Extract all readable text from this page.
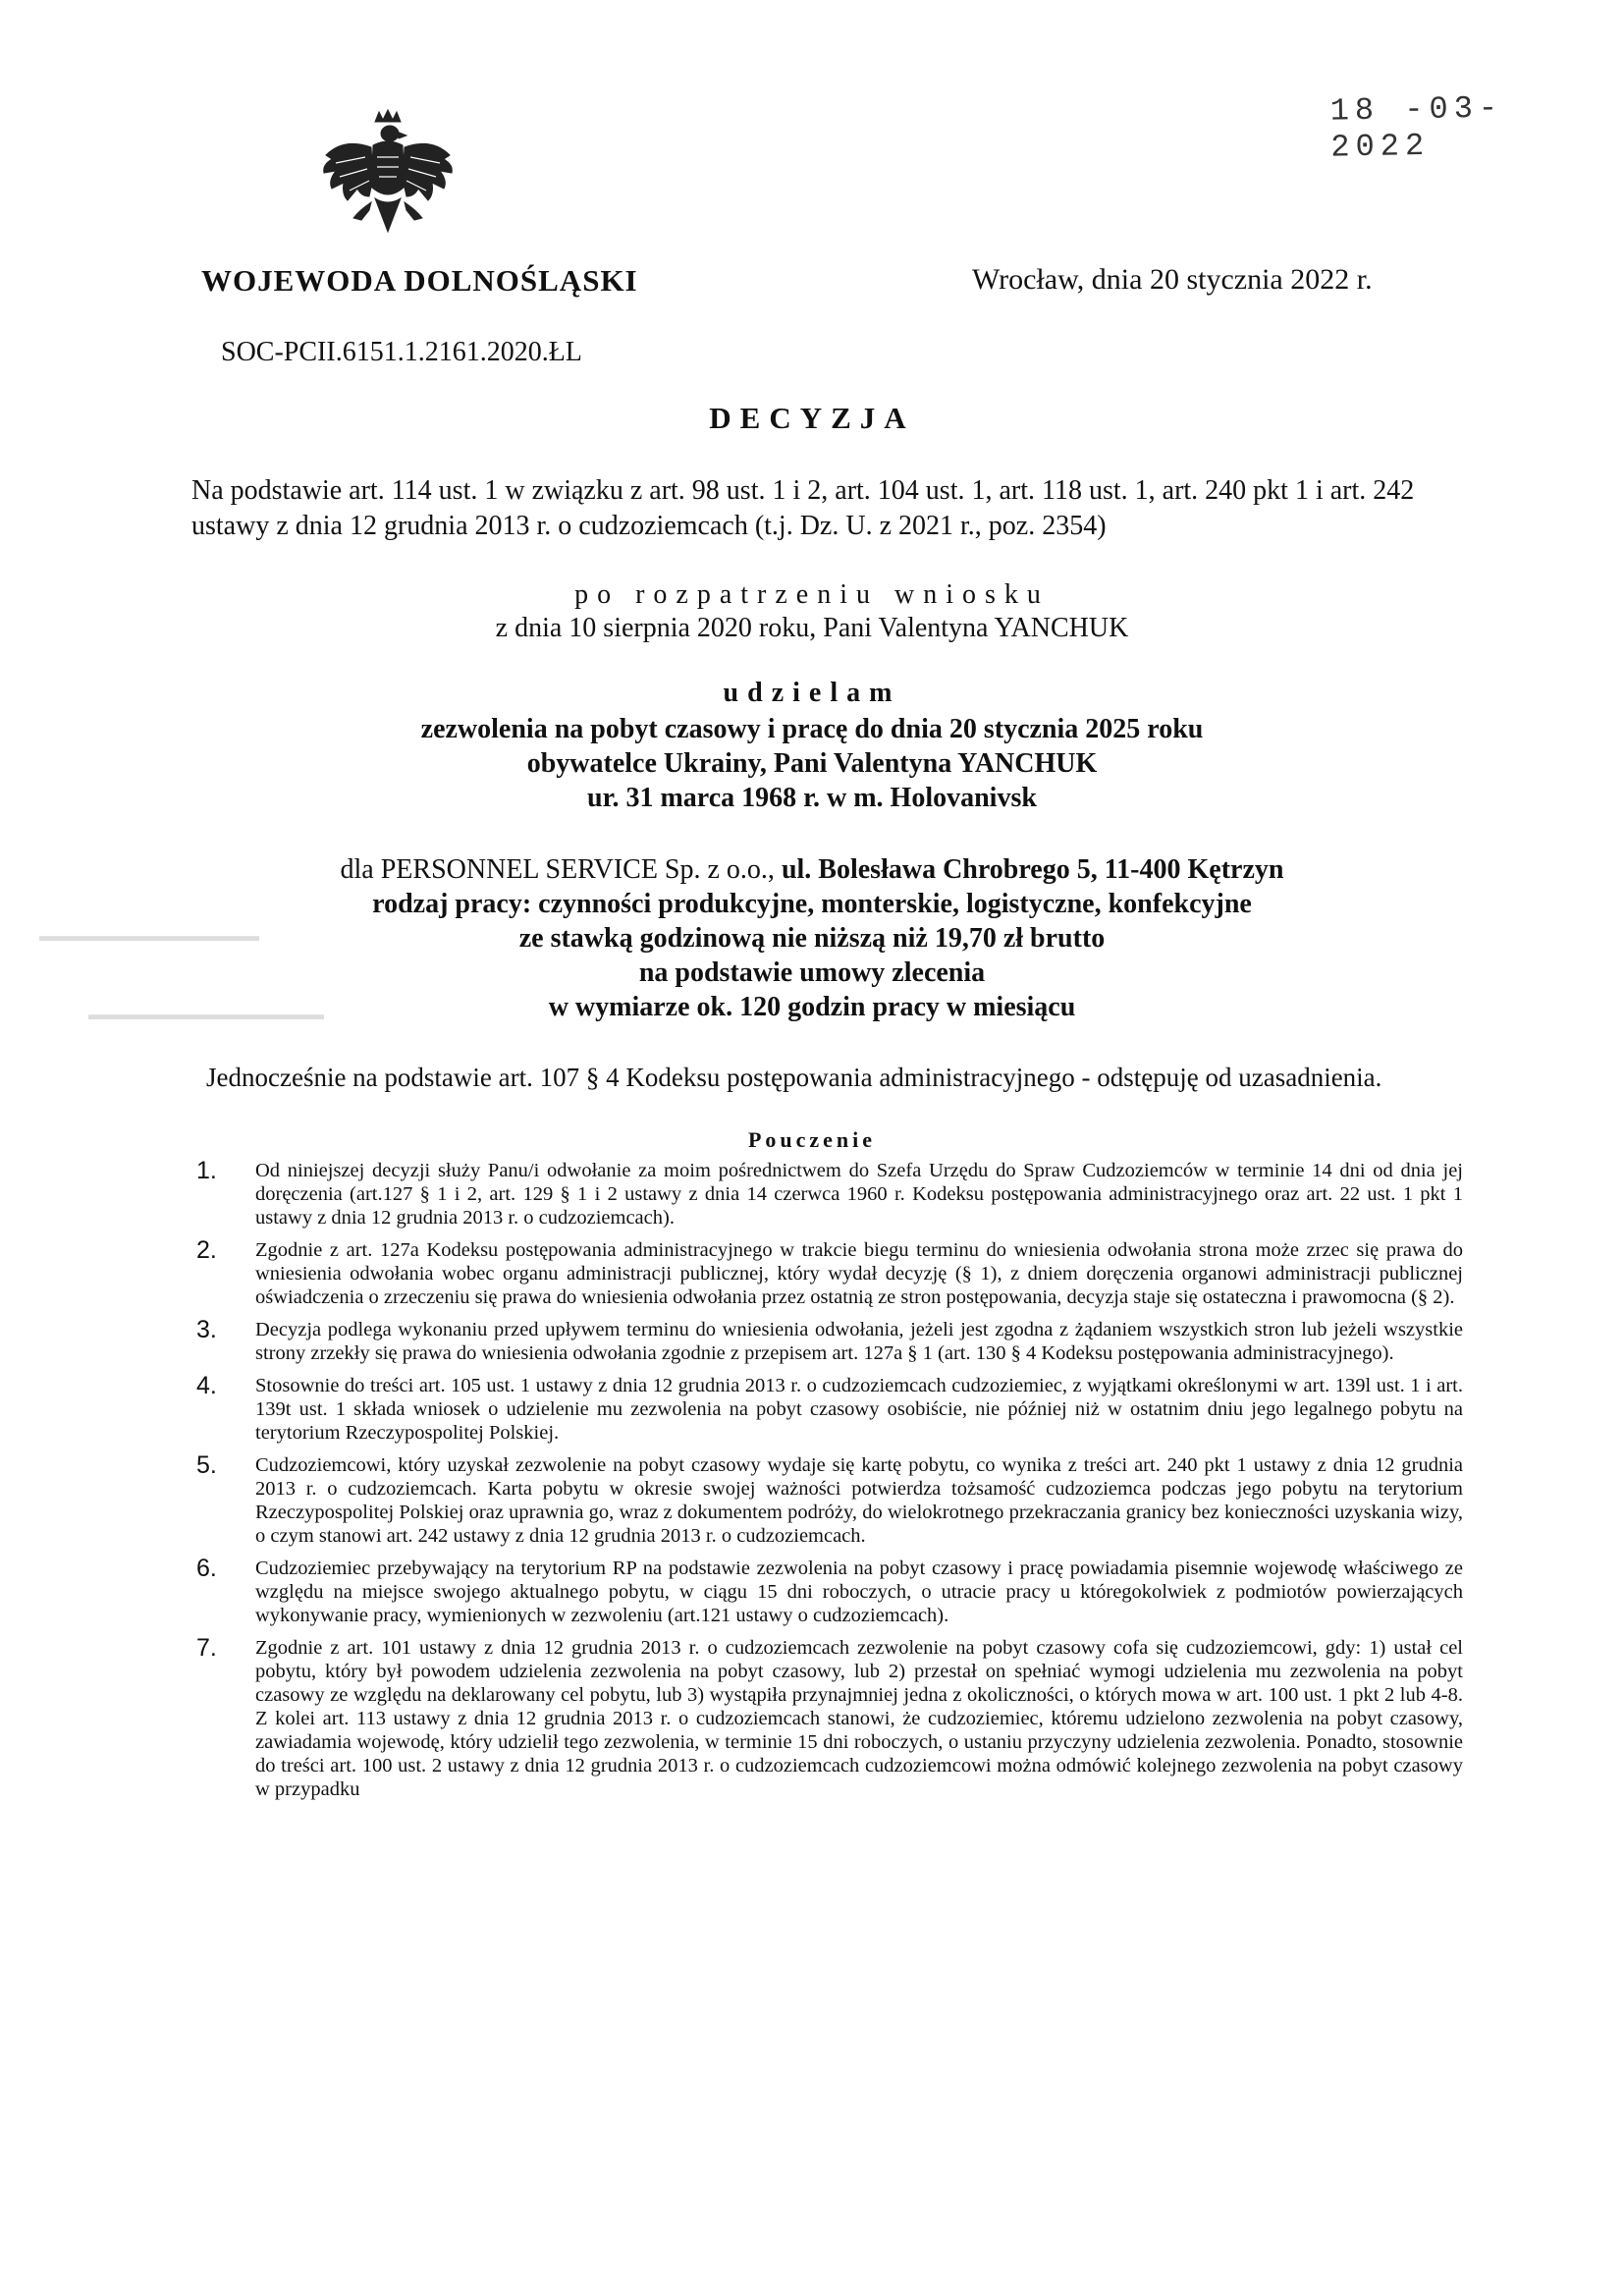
18 -03- 2022
WOJEWODA DOLNOŚLĄSKI	Wrocław, dnia 20 stycznia 2022 r.
SOC-PCII.6151.1.2161.2020.ŁL
DECYZJA
Na podstawie art. 114 ust. 1 w związku z art. 98 ust. 1 i 2, art. 104 ust. 1, art. 118 ust. 1, art. 240 pkt 1 i art. 242 ustawy z dnia 12 grudnia 2013 r. o cudzoziemcach (t.j. Dz. U. z 2021 r., poz. 2354)
po rozpatrzeniu wniosku
z dnia 10 sierpnia 2020 roku, Pani Valentyna YANCHUK
udzielam
zezwolenia na pobyt czasowy i pracę do dnia 20 stycznia 2025 roku
obywatelce Ukrainy, Pani Valentyna YANCHUK
ur. 31 marca 1968 r. w m. Holovanivsk
dla PERSONNEL SERVICE Sp. z o.o., ul. Bolesława Chrobrego 5, 11-400 Kętrzyn
rodzaj pracy: czynności produkcyjne, monterskie, logistyczne, konfekcyjne
ze stawką godzinową nie niższą niż 19,70 zł brutto
na podstawie umowy zlecenia
w wymiarze ok. 120 godzin pracy w miesiącu
▬▬▬▬▬▬▬▬▬▬▬▬▬▬
▬▬▬▬▬▬▬▬▬▬▬▬▬▬▬
Jednocześnie na podstawie art. 107 § 4 Kodeksu postępowania administracyjnego - odstępuję od uzasadnienia.
Pouczenie
1. Od niniejszej decyzji służy Panu/i odwołanie za moim pośrednictwem do Szefa Urzędu do Spraw Cudzoziemców w terminie 14 dni od dnia jej doręczenia (art.127 § 1 i 2, art. 129 § 1 i 2 ustawy z dnia 14 czerwca 1960 r. Kodeksu postępowania administracyjnego oraz art. 22 ust. 1 pkt 1 ustawy z dnia 12 grudnia 2013 r. o cudzoziemcach).
2. Zgodnie z art. 127a Kodeksu postępowania administracyjnego w trakcie biegu terminu do wniesienia odwołania strona może zrzec się prawa do wniesienia odwołania wobec organu administracji publicznej, który wydał decyzję (§ 1), z dniem doręczenia organowi administracji publicznej oświadczenia o zrzeczeniu się prawa do wniesienia odwołania przez ostatnią ze stron postępowania, decyzja staje się ostateczna i prawomocna (§ 2).
3. Decyzja podlega wykonaniu przed upływem terminu do wniesienia odwołania, jeżeli jest zgodna z żądaniem wszystkich stron lub jeżeli wszystkie strony zrzekły się prawa do wniesienia odwołania zgodnie z przepisem art. 127a § 1 (art. 130 § 4 Kodeksu postępowania administracyjnego).
4. Stosownie do treści art. 105 ust. 1 ustawy z dnia 12 grudnia 2013 r. o cudzoziemcach cudzoziemiec, z wyjątkami określonymi w art. 139l ust. 1 i art. 139t ust. 1 składa wniosek o udzielenie mu zezwolenia na pobyt czasowy osobiście, nie później niż w ostatnim dniu jego legalnego pobytu na terytorium Rzeczypospolitej Polskiej.
5. Cudzoziemcowi, który uzyskał zezwolenie na pobyt czasowy wydaje się kartę pobytu, co wynika z treści art. 240 pkt 1 ustawy z dnia 12 grudnia 2013 r. o cudzoziemcach. Karta pobytu w okresie swojej ważności potwierdza tożsamość cudzoziemca podczas jego pobytu na terytorium Rzeczypospolitej Polskiej oraz uprawnia go, wraz z dokumentem podróży, do wielokrotnego przekraczania granicy bez konieczności uzyskania wizy, o czym stanowi art. 242 ustawy z dnia 12 grudnia 2013 r. o cudzoziemcach.
6. Cudzoziemiec przebywający na terytorium RP na podstawie zezwolenia na pobyt czasowy i pracę powiadamia pisemnie wojewodę właściwego ze względu na miejsce swojego aktualnego pobytu, w ciągu 15 dni roboczych, o utracie pracy u któregokolwiek z podmiotów powierzających wykonywanie pracy, wymienionych w zezwoleniu (art.121 ustawy o cudzoziemcach).
7. Zgodnie z art. 101 ustawy z dnia 12 grudnia 2013 r. o cudzoziemcach zezwolenie na pobyt czasowy cofa się cudzoziemcowi, gdy: 1) ustał cel pobytu, który był powodem udzielenia zezwolenia na pobyt czasowy, lub 2) przestał on spełniać wymogi udzielenia mu zezwolenia na pobyt czasowy ze względu na deklarowany cel pobytu, lub 3) wystąpiła przynajmniej jedna z okoliczności, o których mowa w art. 100 ust. 1 pkt 2 lub 4-8. Z kolei art. 113 ustawy z dnia 12 grudnia 2013 r. o cudzoziemcach stanowi, że cudzoziemiec, któremu udzielono zezwolenia na pobyt czasowy, zawiadamia wojewodę, który udzielił tego zezwolenia, w terminie 15 dni roboczych, o ustaniu przyczyny udzielenia zezwolenia. Ponadto, stosownie do treści art. 100 ust. 2 ustawy z dnia 12 grudnia 2013 r. o cudzoziemcach cudzoziemcowi można odmówić kolejnego zezwolenia na pobyt czasowy w przypadku
